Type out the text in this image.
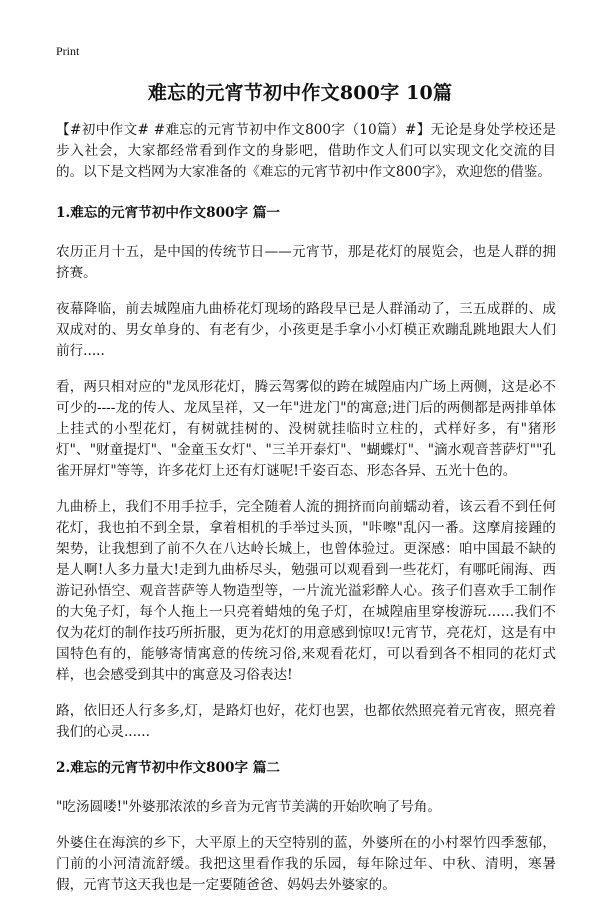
Print
难忘的元宵节初中作文800字 10篇

【#初中作文# #难忘的元宵节初中作文800字（10篇）#】无论是身处学校还是步入社会，大家都经常看到作文的身影吧，借助作文人们可以实现文化交流的目的。以下是文档网为大家准备的《难忘的元宵节初中作文800字》，欢迎您的借鉴。

1.难忘的元宵节初中作文800字 篇一

农历正月十五，是中国的传统节日——元宵节，那是花灯的展览会，也是人群的拥挤赛。

夜幕降临，前去城隍庙九曲桥花灯现场的路段早已是人群涌动了，三五成群的、成双成对的、男女单身的、有老有少，小孩更是手拿小小灯模正欢蹦乱跳地跟大人们前行.....

看，两只相对应的"龙凤形花灯，腾云驾雾似的跨在城隍庙内广场上两侧，这是必不可少的----龙的传人、龙凤呈祥，又一年"进龙门"的寓意;进门后的两侧都是两排单体上挂式的小型花灯，有树就挂树的、没树就挂临时立柱的，式样好多，有"猪形灯"、"财童提灯"、"金童玉女灯"、"三羊开泰灯"、"蝴蝶灯"、"滴水观音菩萨灯""孔雀开屏灯"等等，许多花灯上还有灯谜呢!千姿百态、形态各异、五光十色的。

九曲桥上，我们不用手拉手，完全随着人流的拥挤而向前蠕动着，该云看不到任何花灯，我也拍不到全景，拿着相机的手举过头顶，"咔嚓"乱闪一番。这摩肩接踵的架势，让我想到了前不久在八达岭长城上，也曾体验过。更深感：咱中国最不缺的是人啊!人多力量大!走到九曲桥尽头，勉强可以观看到一些花灯，有哪吒闹海、西游记孙悟空、观音菩萨等人物造型等，一片流光溢彩醉人心。孩子们喜欢手工制作的大兔子灯，每个人拖上一只亮着蜡烛的兔子灯，在城隍庙里穿梭游玩……我们不仅为花灯的制作技巧所折服，更为花灯的用意感到惊叹!元宵节，亮花灯，这是有中国特色有的，能够寄情寓意的传统习俗,来观看花灯，可以看到各不相同的花灯式样，也会感受到其中的寓意及习俗表达!

路，依旧还人行多多,灯，是路灯也好，花灯也罢，也都依然照亮着元宵夜，照亮着我们的心灵......

2.难忘的元宵节初中作文800字 篇二

"吃汤圆喽!"外婆那浓浓的乡音为元宵节美满的开始吹响了号角。

外婆住在海滨的乡下，大平原上的天空特别的蓝，外婆所在的小村翠竹四季葱郁，门前的小河清流舒缓。我把这里看作我的乐园，每年除过年、中秋、清明，寒暑假，元宵节这天我也是一定要随爸爸、妈妈去外婆家的。
